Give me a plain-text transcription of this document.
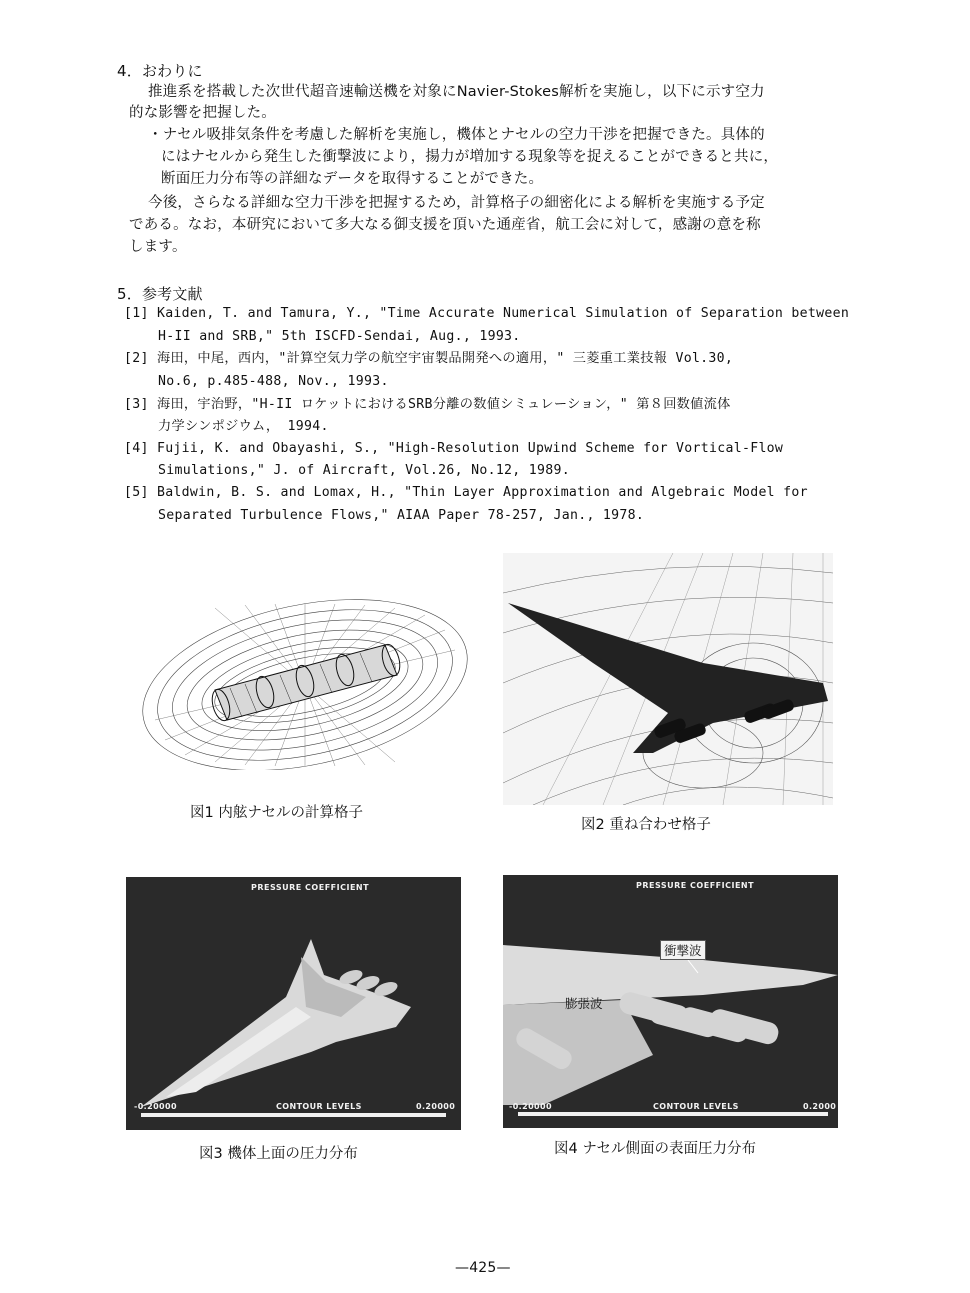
4．おわりに
推進系を搭載した次世代超音速輸送機を対象にNavier-Stokes解析を実施し，以下に示す空力
的な影響を把握した。
・ナセル吸排気条件を考慮した解析を実施し，機体とナセルの空力干渉を把握できた。具体的
にはナセルから発生した衝撃波により，揚力が増加する現象等を捉えることができると共に，
断面圧力分布等の詳細なデータを取得することができた。
今後，さらなる詳細な空力干渉を把握するため，計算格子の細密化による解析を実施する予定
である。なお，本研究において多大なる御支援を頂いた通産省，航工会に対して，感謝の意を称
します。
5．参考文献
[1] Kaiden, T. and Tamura, Y., "Time Accurate Numerical Simulation of Separation between
H-II and SRB," 5th ISCFD-Sendai, Aug., 1993.
[2] 海田，中尾，西内，"計算空気力学の航空宇宙製品開発への適用，" 三菱重工業技報 Vol.30,
No.6, p.485-488, Nov., 1993.
[3] 海田，宇治野，"H-II ロケットにおけるSRB分離の数値シミュレーション，" 第８回数値流体
力学シンポジウム， 1994.
[4] Fujii, K. and Obayashi, S., "High-Resolution Upwind Scheme for Vortical-Flow
Simulations," J. of Aircraft, Vol.26, No.12, 1989.
[5] Baldwin, B. S. and Lomax, H., "Thin Layer Approximation and Algebraic Model for
Separated Turbulence Flows," AIAA Paper 78-257, Jan., 1978.
図1 内舷ナセルの計算格子
図2 重ね合わせ格子
PRESSURE COEFFICIENT
-0.20000	CONTOUR LEVELS	0.20000
図3 機体上面の圧力分布
PRESSURE COEFFICIENT
衝撃波
膨張波
-0.20000	CONTOUR LEVELS	0.2000
図4 ナセル側面の表面圧力分布
—425—
